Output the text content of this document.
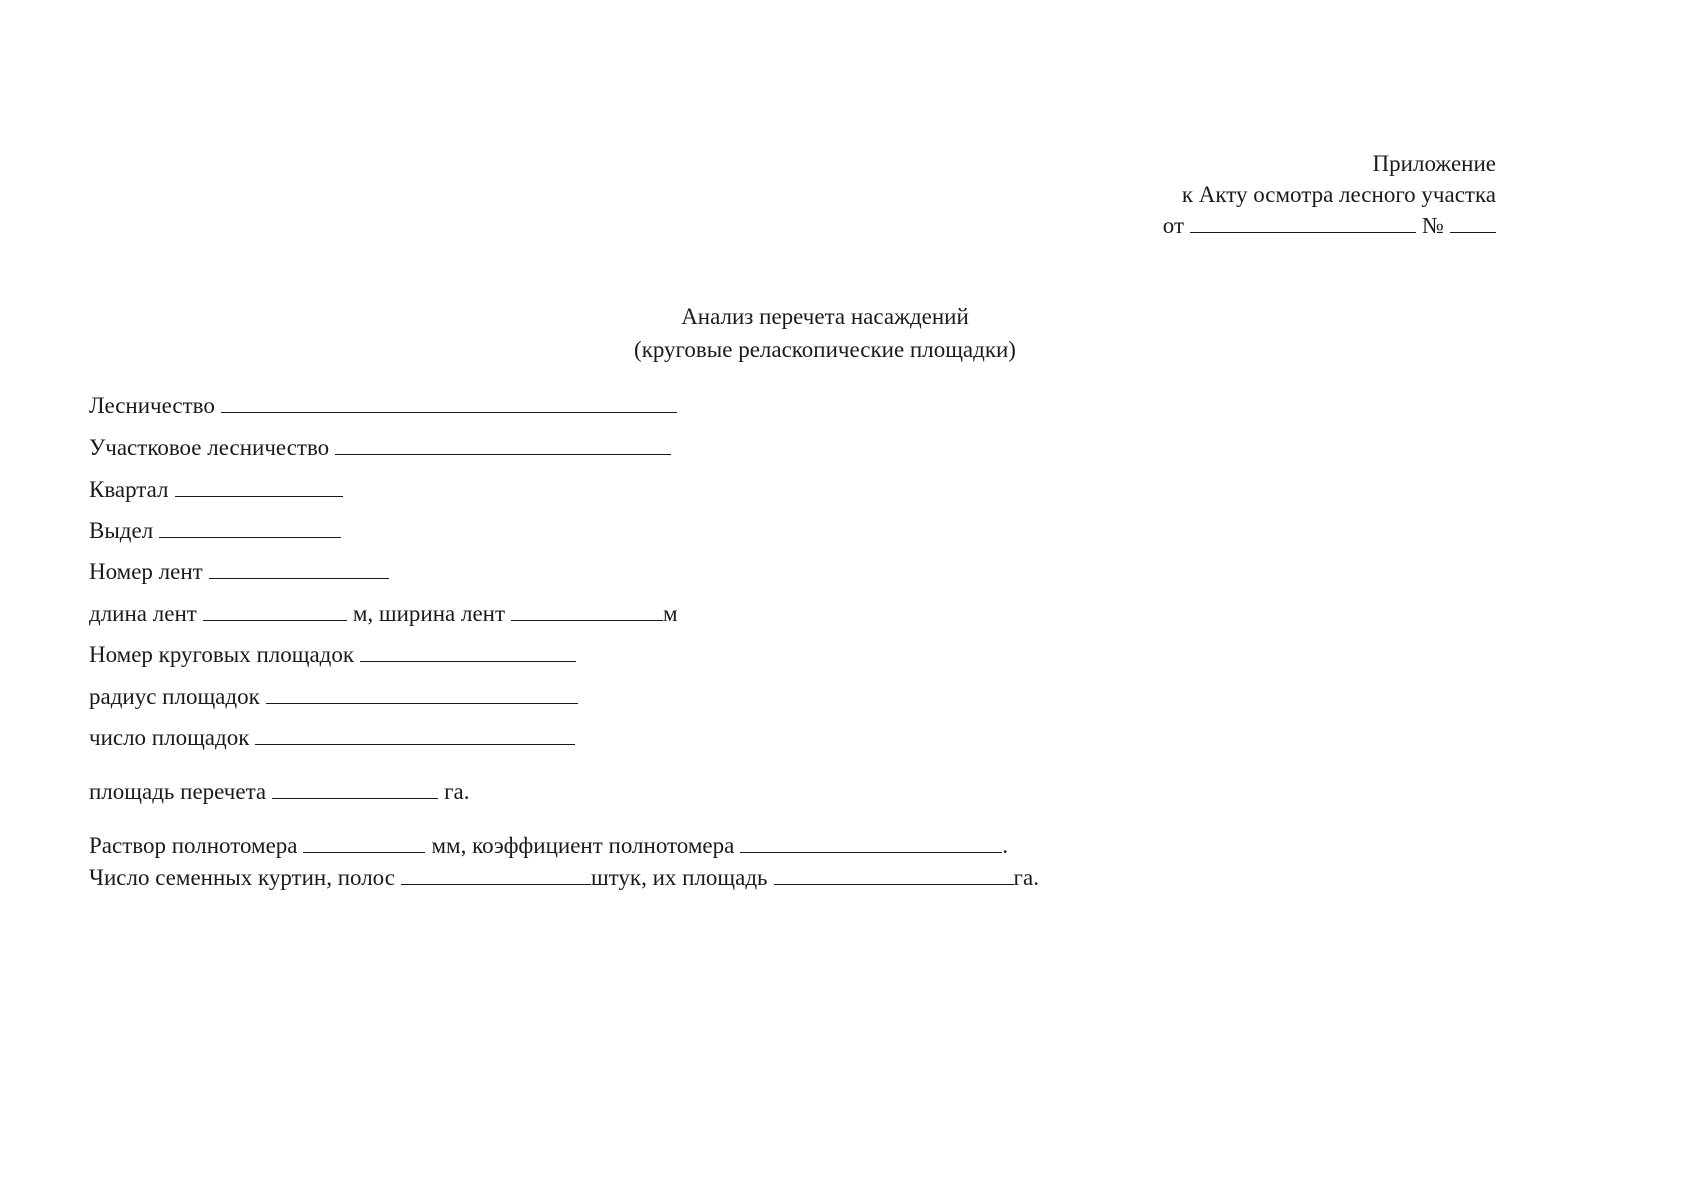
Приложение
к Акту осмотра лесного участка
от	№
Анализ перечета насаждений
(круговые реласкопические площадки)
Лесничество
Участковое лесничество
Квартал
Выдел
Номер лент
длина лент	м, ширина лент	м
Номер круговых площадок
радиус площадок
число площадок
площадь перечета	га.
Раствор полнотомера	мм, коэффициент полнотомера	.
Число семенных куртин, полос	штук, их площадь	га.
